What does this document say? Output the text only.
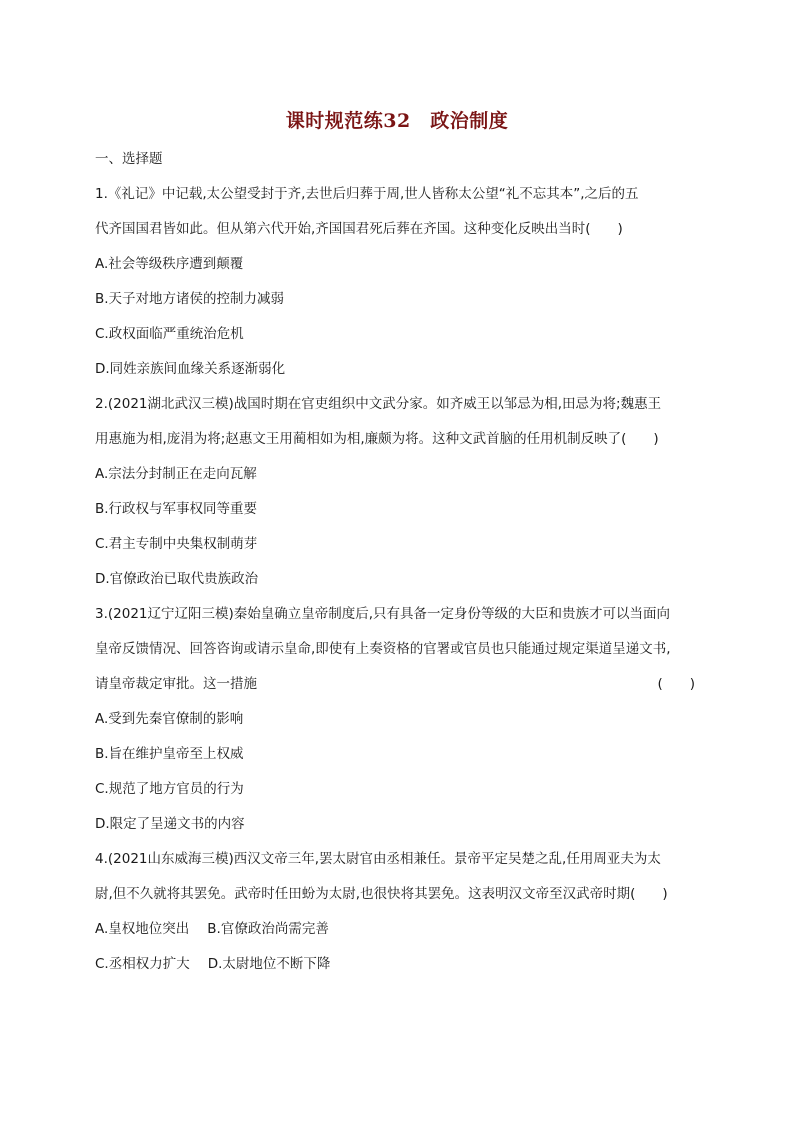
课时规范练32　政治制度
一、选择题
1.《礼记》中记载,太公望受封于齐,去世后归葬于周,世人皆称太公望“礼不忘其本”,之后的五
代齐国国君皆如此。但从第六代开始,齐国国君死后葬在齐国。这种变化反映出当时(　　)
A.社会等级秩序遭到颠覆
B.天子对地方诸侯的控制力减弱
C.政权面临严重统治危机
D.同姓亲族间血缘关系逐渐弱化
2.(2021湖北武汉三模)战国时期在官吏组织中文武分家。如齐威王以邹忌为相,田忌为将;魏惠王
用惠施为相,庞涓为将;赵惠文王用蔺相如为相,廉颇为将。这种文武首脑的任用机制反映了(　　)
A.宗法分封制正在走向瓦解
B.行政权与军事权同等重要
C.君主专制中央集权制萌芽
D.官僚政治已取代贵族政治
3.(2021辽宁辽阳三模)秦始皇确立皇帝制度后,只有具备一定身份等级的大臣和贵族才可以当面向
皇帝反馈情况、回答咨询或请示皇命,即使有上奏资格的官署或官员也只能通过规定渠道呈递文书,
请皇帝裁定审批。这一措施	(　　)
A.受到先秦官僚制的影响
B.旨在维护皇帝至上权威
C.规范了地方官员的行为
D.限定了呈递文书的内容
4.(2021山东威海三模)西汉文帝三年,罢太尉官由丞相兼任。景帝平定吴楚之乱,任用周亚夫为太
尉,但不久就将其罢免。武帝时任田蚡为太尉,也很快将其罢免。这表明汉文帝至汉武帝时期(　　)
A.皇权地位突出 B.官僚政治尚需完善
C.丞相权力扩大 D.太尉地位不断下降
